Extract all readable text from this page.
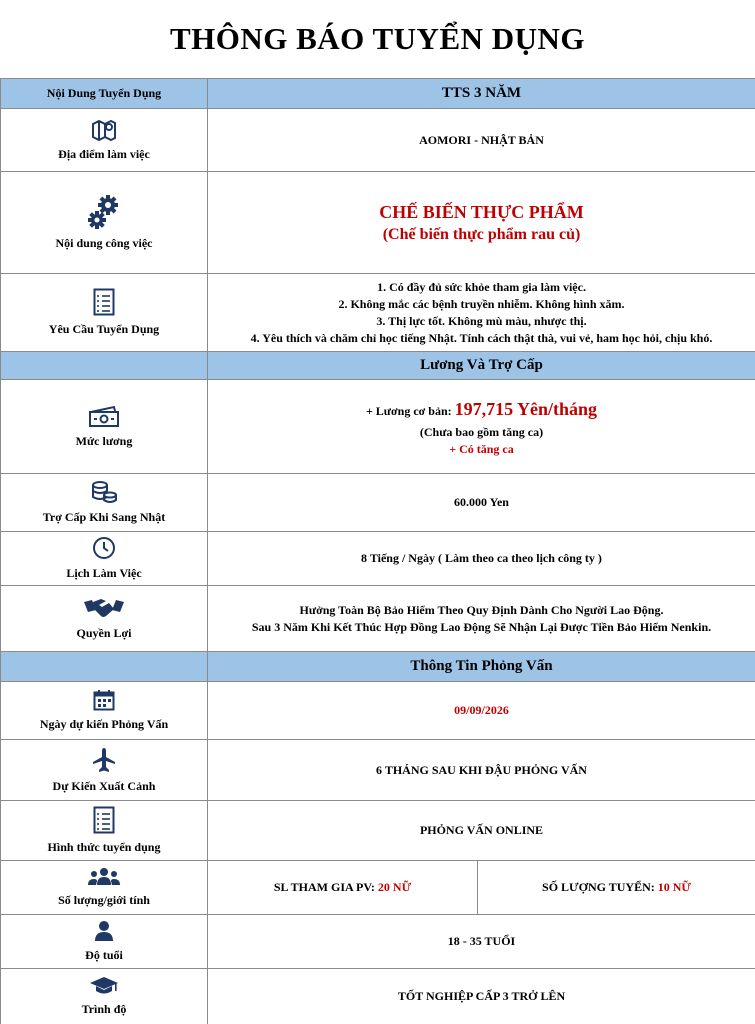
THÔNG BÁO TUYỂN DỤNG
Nội Dung Tuyển Dụng	TTS 3 NĂM	

Địa điểm làm việc	AOMORI - NHẬT BẢN	

Nội dung công việc	CHẾ BIẾN THỰC PHẨM
(Chế biến thực phẩm rau củ)	

Yêu Cầu Tuyển Dụng	1. Có đầy đủ sức khỏe tham gia làm việc.
2. Không mắc các bệnh truyền nhiễm. Không hình xăm.
3. Thị lực tốt. Không mù màu, nhược thị.
4. Yêu thích và chăm chỉ học tiếng Nhật. Tính cách thật thà, vui vẻ, ham học hỏi, chịu khó.	

	Lương Và Trợ Cấp	

Mức lương	+ Lương cơ bản: 197,715 Yên/tháng
(Chưa bao gồm tăng ca)
+ Có tăng ca	

Trợ Cấp Khi Sang Nhật	60.000 Yen	

Lịch Làm Việc	8 Tiếng / Ngày ( Làm theo ca theo lịch công ty )	

Quyền Lợi	Hưởng Toàn Bộ Bảo Hiểm Theo Quy Định Dành Cho Người Lao Động.
Sau 3 Năm Khi Kết Thúc Hợp Đồng Lao Động Sẽ Nhận Lại Được Tiền Bảo Hiểm Nenkin.	

	Thông Tin Phỏng Vấn	

Ngày dự kiến Phỏng Vấn	09/09/2026	

Dự Kiến Xuất Cảnh	6 THÁNG SAU KHI ĐẬU PHỎNG VẤN	

Hình thức tuyển dụng	PHỎNG VẤN ONLINE	

Số lượng/giới tính	SL THAM GIA PV: 20 NỮ	SỐ LƯỢNG TUYỂN: 10 NỮ

Độ tuổi	18 - 35 TUỔI	

Trình độ	TỐT NGHIỆP CẤP 3 TRỞ LÊN	
